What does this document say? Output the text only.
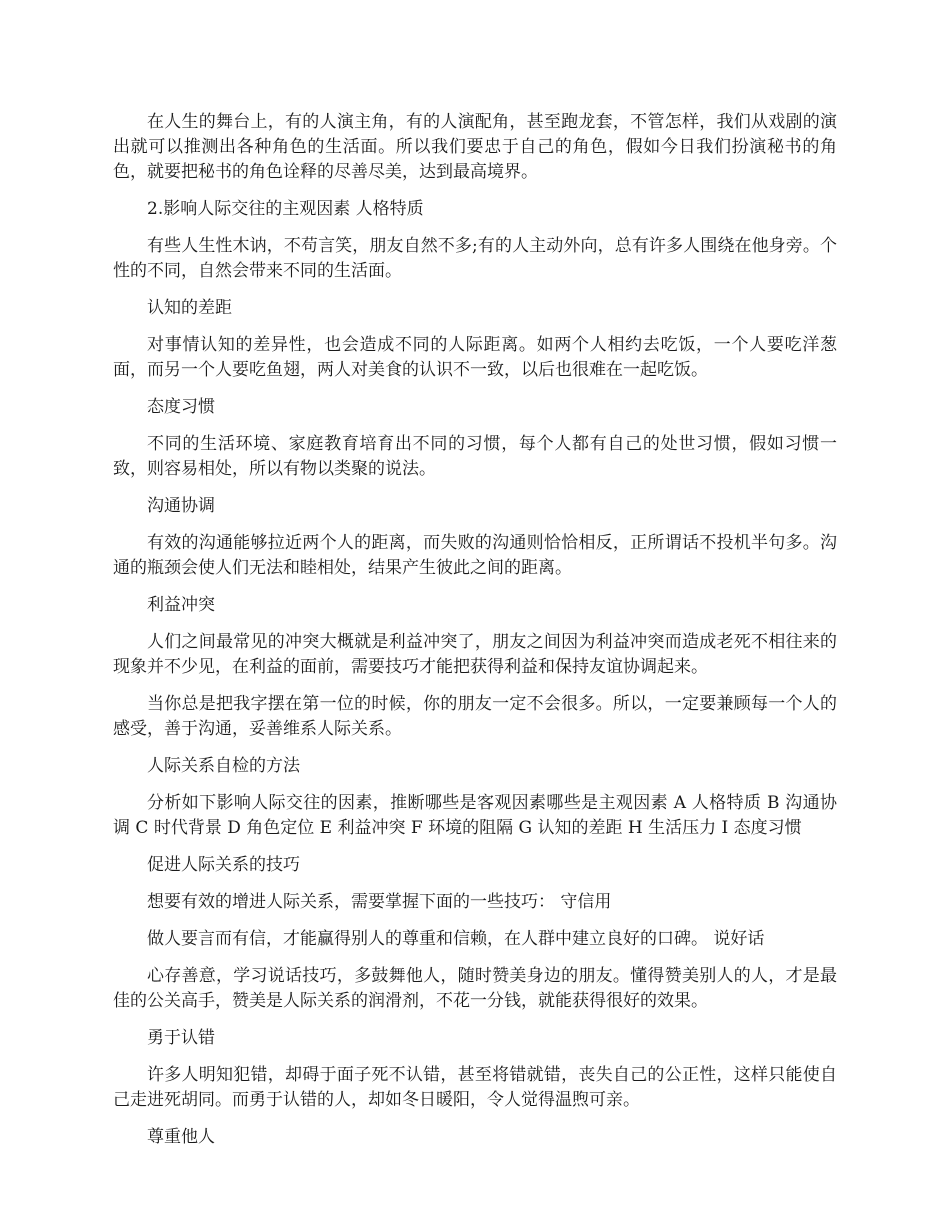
在人生的舞台上，有的人演主角，有的人演配角，甚至跑龙套，不管怎样，我们从戏剧的演出就可以推测出各种角色的生活面。所以我们要忠于自己的角色，假如今日我们扮演秘书的角色，就要把秘书的角色诠释的尽善尽美，达到最高境界。

2.影响人际交往的主观因素 人格特质

有些人生性木讷，不苟言笑，朋友自然不多;有的人主动外向，总有许多人围绕在他身旁。个性的不同，自然会带来不同的生活面。

认知的差距

对事情认知的差异性，也会造成不同的人际距离。如两个人相约去吃饭，一个人要吃洋葱面，而另一个人要吃鱼翅，两人对美食的认识不一致，以后也很难在一起吃饭。

态度习惯

不同的生活环境、家庭教育培育出不同的习惯，每个人都有自己的处世习惯，假如习惯一致，则容易相处，所以有物以类聚的说法。

沟通协调

有效的沟通能够拉近两个人的距离，而失败的沟通则恰恰相反，正所谓话不投机半句多。沟通的瓶颈会使人们无法和睦相处，结果产生彼此之间的距离。

利益冲突

人们之间最常见的冲突大概就是利益冲突了，朋友之间因为利益冲突而造成老死不相往来的现象并不少见，在利益的面前，需要技巧才能把获得利益和保持友谊协调起来。

当你总是把我字摆在第一位的时候，你的朋友一定不会很多。所以，一定要兼顾每一个人的感受，善于沟通，妥善维系人际关系。

人际关系自检的方法

分析如下影响人际交往的因素，推断哪些是客观因素哪些是主观因素 A 人格特质 B 沟通协调 C 时代背景 D 角色定位 E 利益冲突 F 环境的阻隔 G 认知的差距 H 生活压力 I 态度习惯

促进人际关系的技巧

想要有效的增进人际关系，需要掌握下面的一些技巧： 守信用

做人要言而有信，才能赢得别人的尊重和信赖，在人群中建立良好的口碑。 说好话

心存善意，学习说话技巧，多鼓舞他人，随时赞美身边的朋友。懂得赞美别人的人，才是最佳的公关高手，赞美是人际关系的润滑剂，不花一分钱，就能获得很好的效果。

勇于认错

许多人明知犯错，却碍于面子死不认错，甚至将错就错，丧失自己的公正性，这样只能使自己走进死胡同。而勇于认错的人，却如冬日暖阳，令人觉得温煦可亲。

尊重他人
